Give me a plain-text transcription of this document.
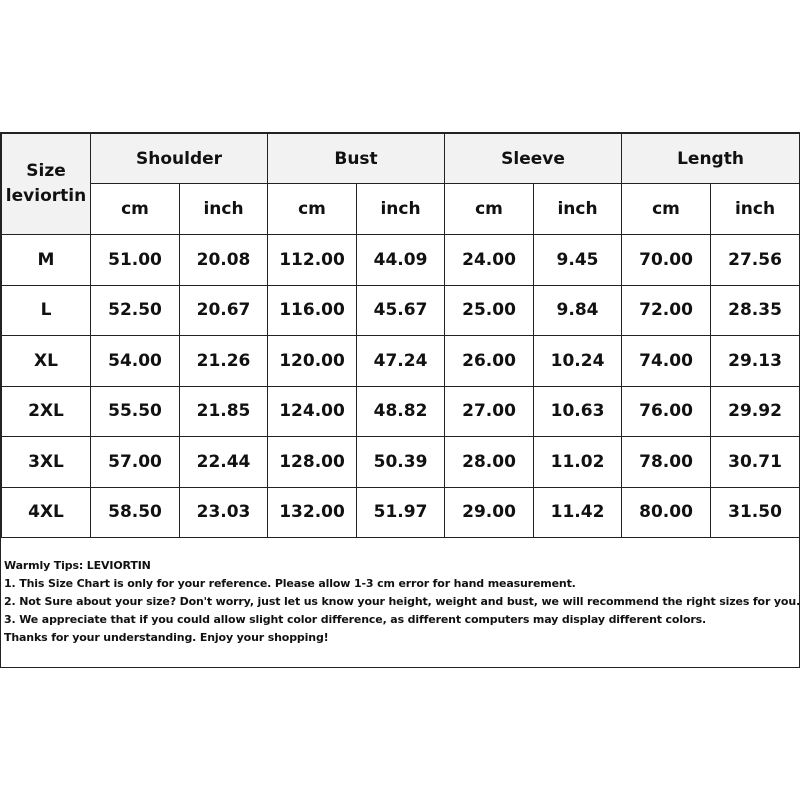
Size
leviortin	Shoulder		Bust		Sleeve		Length	
	cm	inch	cm	inch	cm	inch	cm	inch
M	51.00	20.08	112.00	44.09	24.00	9.45	70.00	27.56
L	52.50	20.67	116.00	45.67	25.00	9.84	72.00	28.35
XL	54.00	21.26	120.00	47.24	26.00	10.24	74.00	29.13
2XL	55.50	21.85	124.00	48.82	27.00	10.63	76.00	29.92
3XL	57.00	22.44	128.00	50.39	28.00	11.02	78.00	30.71
4XL	58.50	23.03	132.00	51.97	29.00	11.42	80.00	31.50
Warmly Tips: LEVIORTIN
1. This Size Chart is only for your reference. Please allow 1-3 cm error for hand measurement.
2. Not Sure about your size? Don't worry, just let us know your height, weight and bust, we will recommend the right sizes for you.
3. We appreciate that if you could allow slight color difference, as different computers may display different colors.
Thanks for your understanding. Enjoy your shopping!
